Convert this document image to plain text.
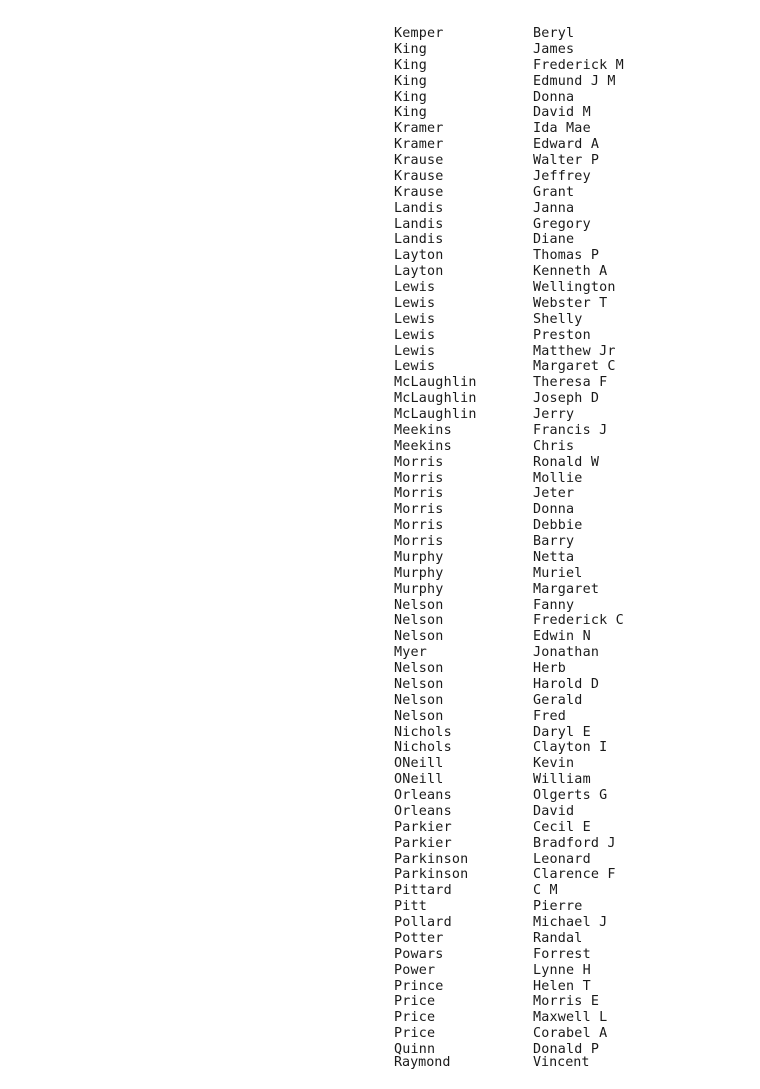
Kemper	Beryl
King	James
King	Frederick M
King	Edmund J M
King	Donna
King	David M
Kramer	Ida Mae
Kramer	Edward A
Krause	Walter P
Krause	Jeffrey
Krause	Grant
Landis	Janna
Landis	Gregory
Landis	Diane
Layton	Thomas P
Layton	Kenneth A
Lewis	Wellington
Lewis	Webster T
Lewis	Shelly
Lewis	Preston
Lewis	Matthew Jr
Lewis	Margaret C
McLaughlin	Theresa F
McLaughlin	Joseph D
McLaughlin	Jerry
Meekins	Francis J
Meekins	Chris
Morris	Ronald W
Morris	Mollie
Morris	Jeter
Morris	Donna
Morris	Debbie
Morris	Barry
Murphy	Netta
Murphy	Muriel
Murphy	Margaret
Nelson	Fanny
Nelson	Frederick C
Nelson	Edwin N
Myer	Jonathan
Nelson	Herb
Nelson	Harold D
Nelson	Gerald
Nelson	Fred
Nichols	Daryl E
Nichols	Clayton I
ONeill	Kevin
ONeill	William
Orleans	Olgerts G
Orleans	David
Parkier	Cecil E
Parkier	Bradford J
Parkinson	Leonard
Parkinson	Clarence F
Pittard	C M
Pitt	Pierre
Pollard	Michael J
Potter	Randal
Powars	Forrest
Power	Lynne H
Prince	Helen T
Price	Morris E
Price	Maxwell L
Price	Corabel A
Quinn	Donald P
Raymond	Vincent
